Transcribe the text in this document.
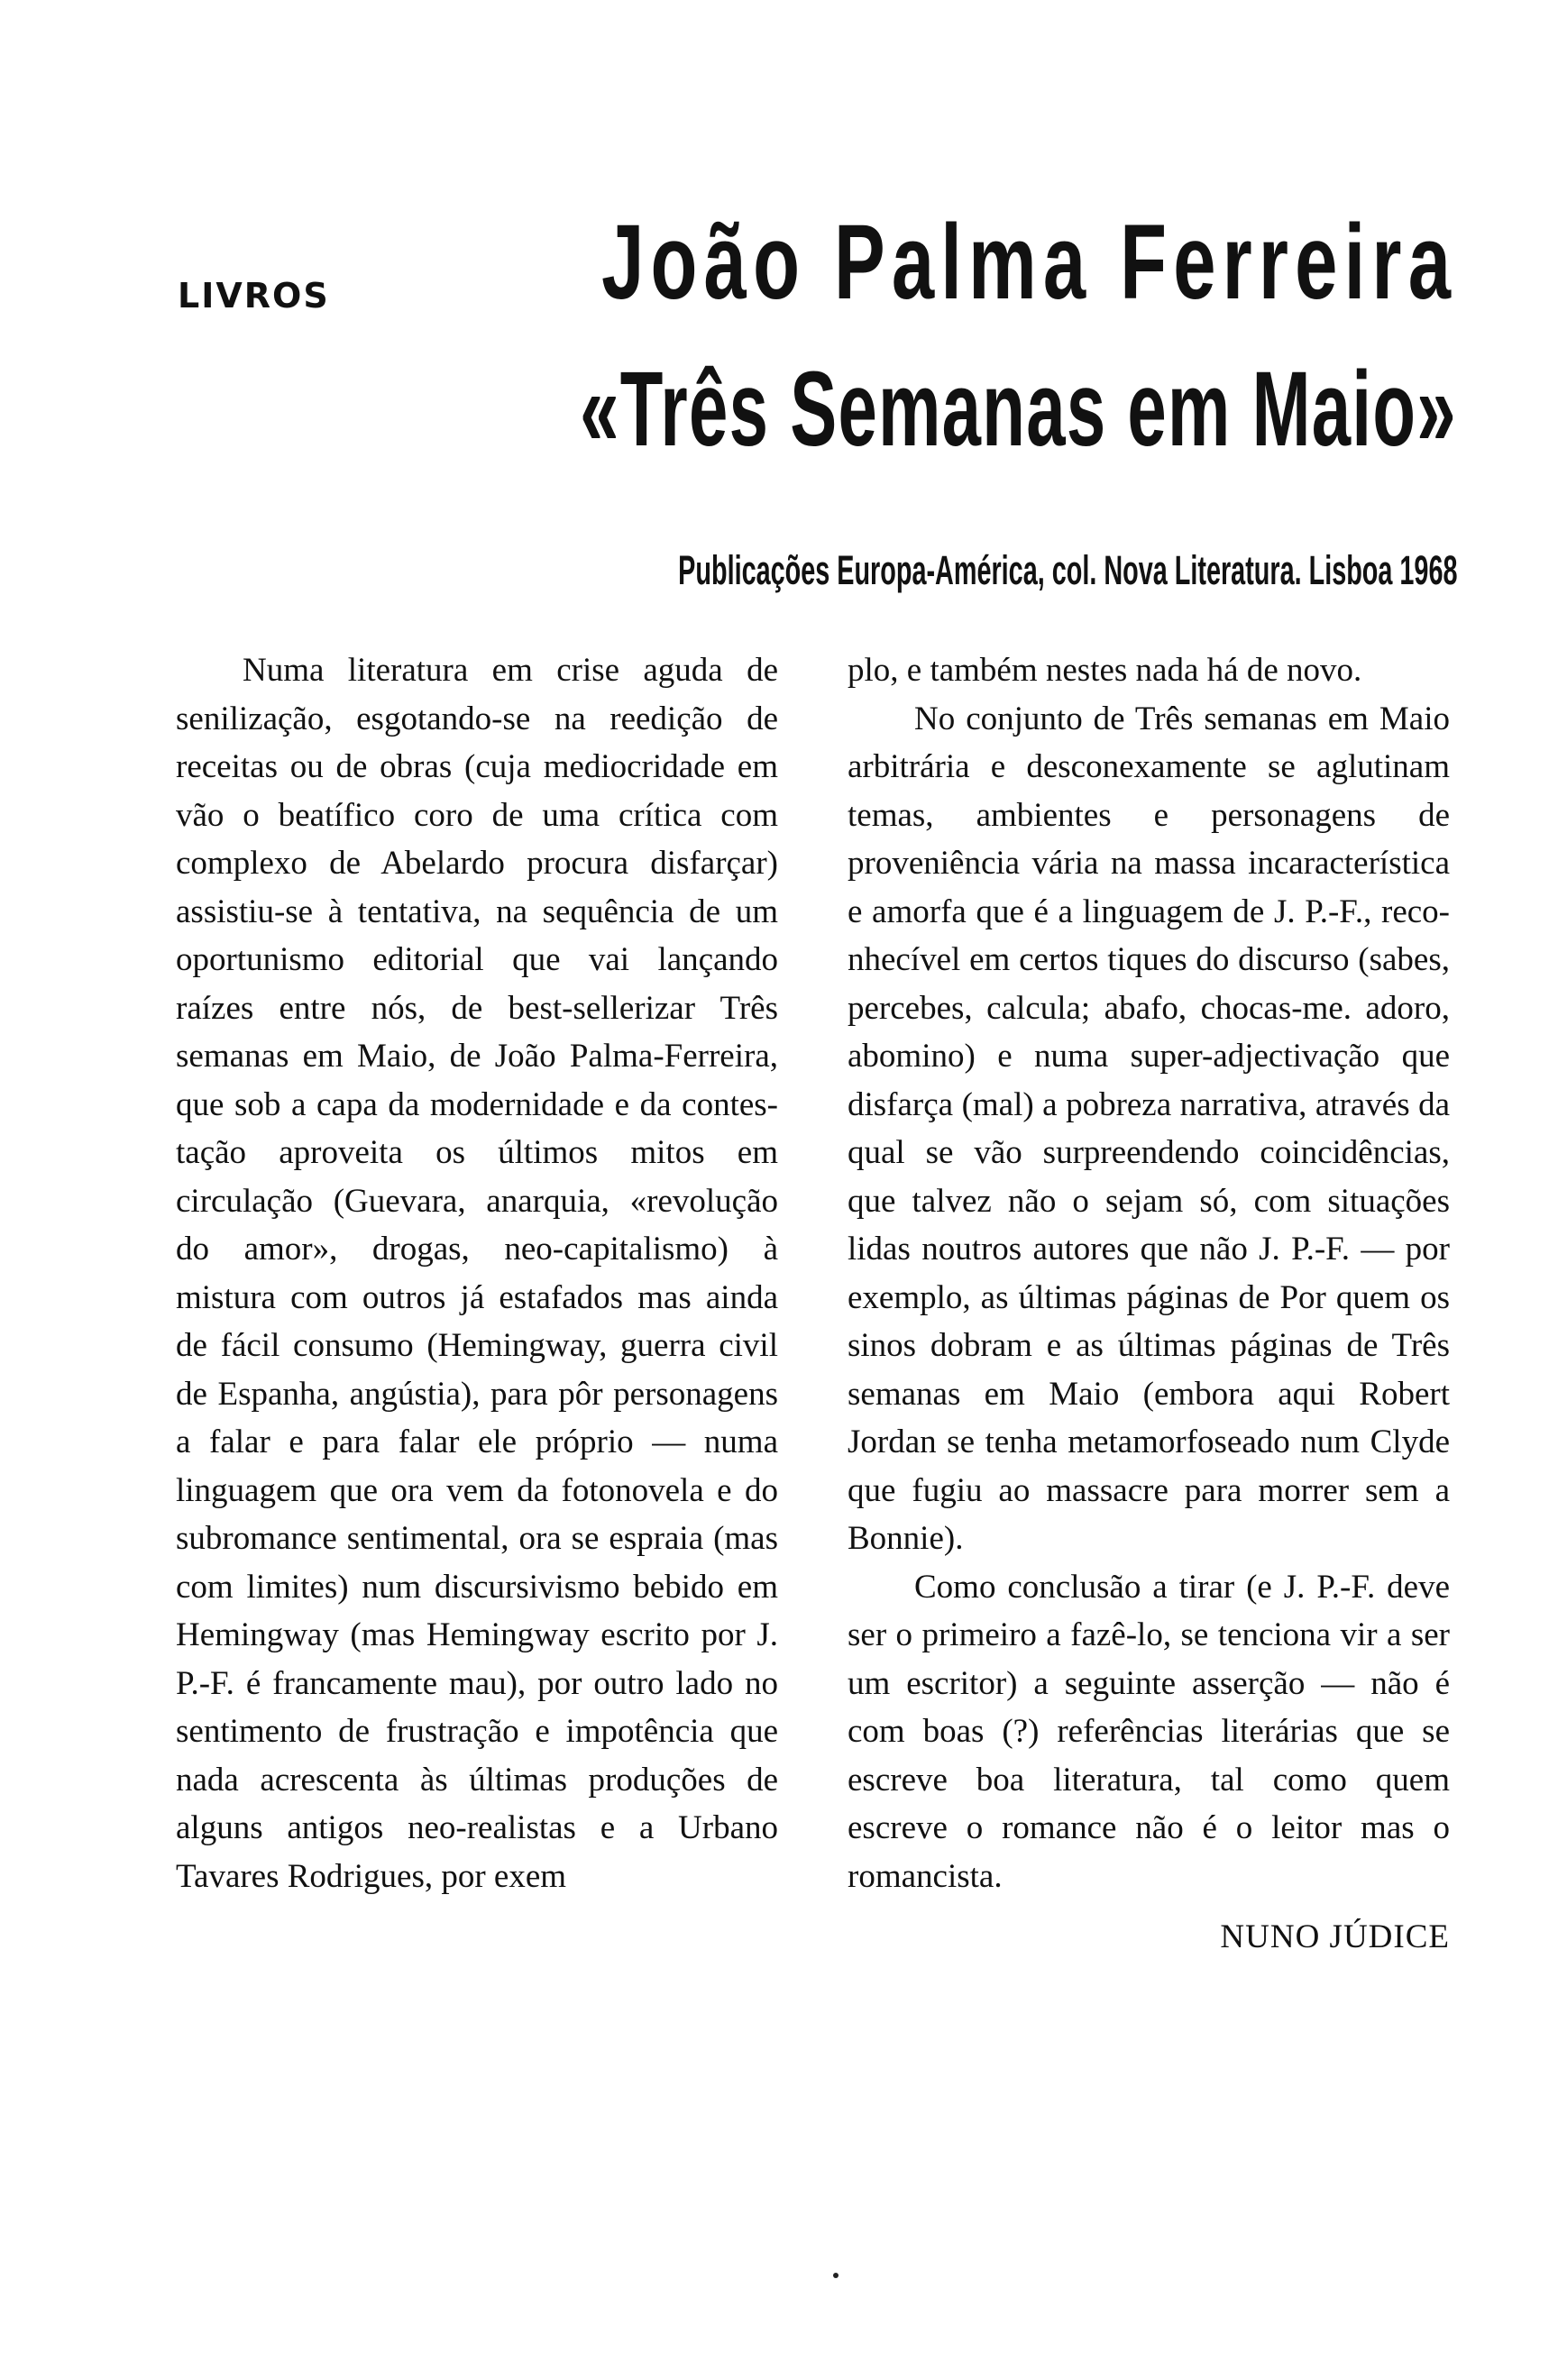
LIVROS	João Palma Ferreira
«Três Semanas em Maio»
Publicações Europa-América, col. Nova Literatura. Lisboa 1968

Numa literatura em crise aguda de senilização, esgotando-se na reedição de receitas ou de obras (cuja mediocridade em vão o beatífico coro de uma crítica com complexo de Abelardo procura disfarçar) assistiu-se à tentativa, na sequência de um oportunismo editorial que vai lançando raízes entre nós, de best-sellerizar Três semanas em Maio, de João Palma-Ferreira, que sob a capa da modernidade e da contestação aproveita os últimos mitos em circulação (Guevara, anarquia, «revolução do amor», drogas, neo-capitalismo) à mistura com outros já estafados mas ainda de fácil consumo (Hemingway, guerra civil de Espanha, angústia), para pôr personagens a falar e para falar ele próprio — numa linguagem que ora vem da fotonovela e do subromance sentimental, ora se espraia (mas com limites) num discursivismo bebido em Hemingway (mas Hemingway escrito por J. P.-F. é francamente mau), por outro lado no sentimento de frustração e impotência que nada acrescenta às últimas produções de alguns antigos neo-realistas e a Urbano Tavares Rodrigues, por exem

plo, e também nestes nada há de novo.

No conjunto de Três semanas em Maio arbitrária e desconexamente se aglutinam temas, ambientes e personagens de proveniência vária na massa incaracterística e amorfa que é a linguagem de J. P.-F., reconhecível em certos tiques do discurso (sabes, percebes, calcula; abafo, chocas-me. adoro, abomino) e numa super-adjectivação que disfarça (mal) a pobreza narrativa, através da qual se vão surpreendendo coincidências, que talvez não o sejam só, com situações lidas noutros autores que não J. P.-F. — por exemplo, as últimas páginas de Por quem os sinos dobram e as últimas páginas de Três semanas em Maio (embora aqui Robert Jordan se tenha metamorfoseado num Clyde que fugiu ao massacre para morrer sem a Bonnie).

Como conclusão a tirar (e J. P.-F. deve ser o primeiro a fazê-lo, se tenciona vir a ser um escritor) a seguinte asserção — não é com boas (?) referências literárias que se escreve boa literatura, tal como quem escreve o romance não é o leitor mas o romancista.

NUNO JÚDICE
